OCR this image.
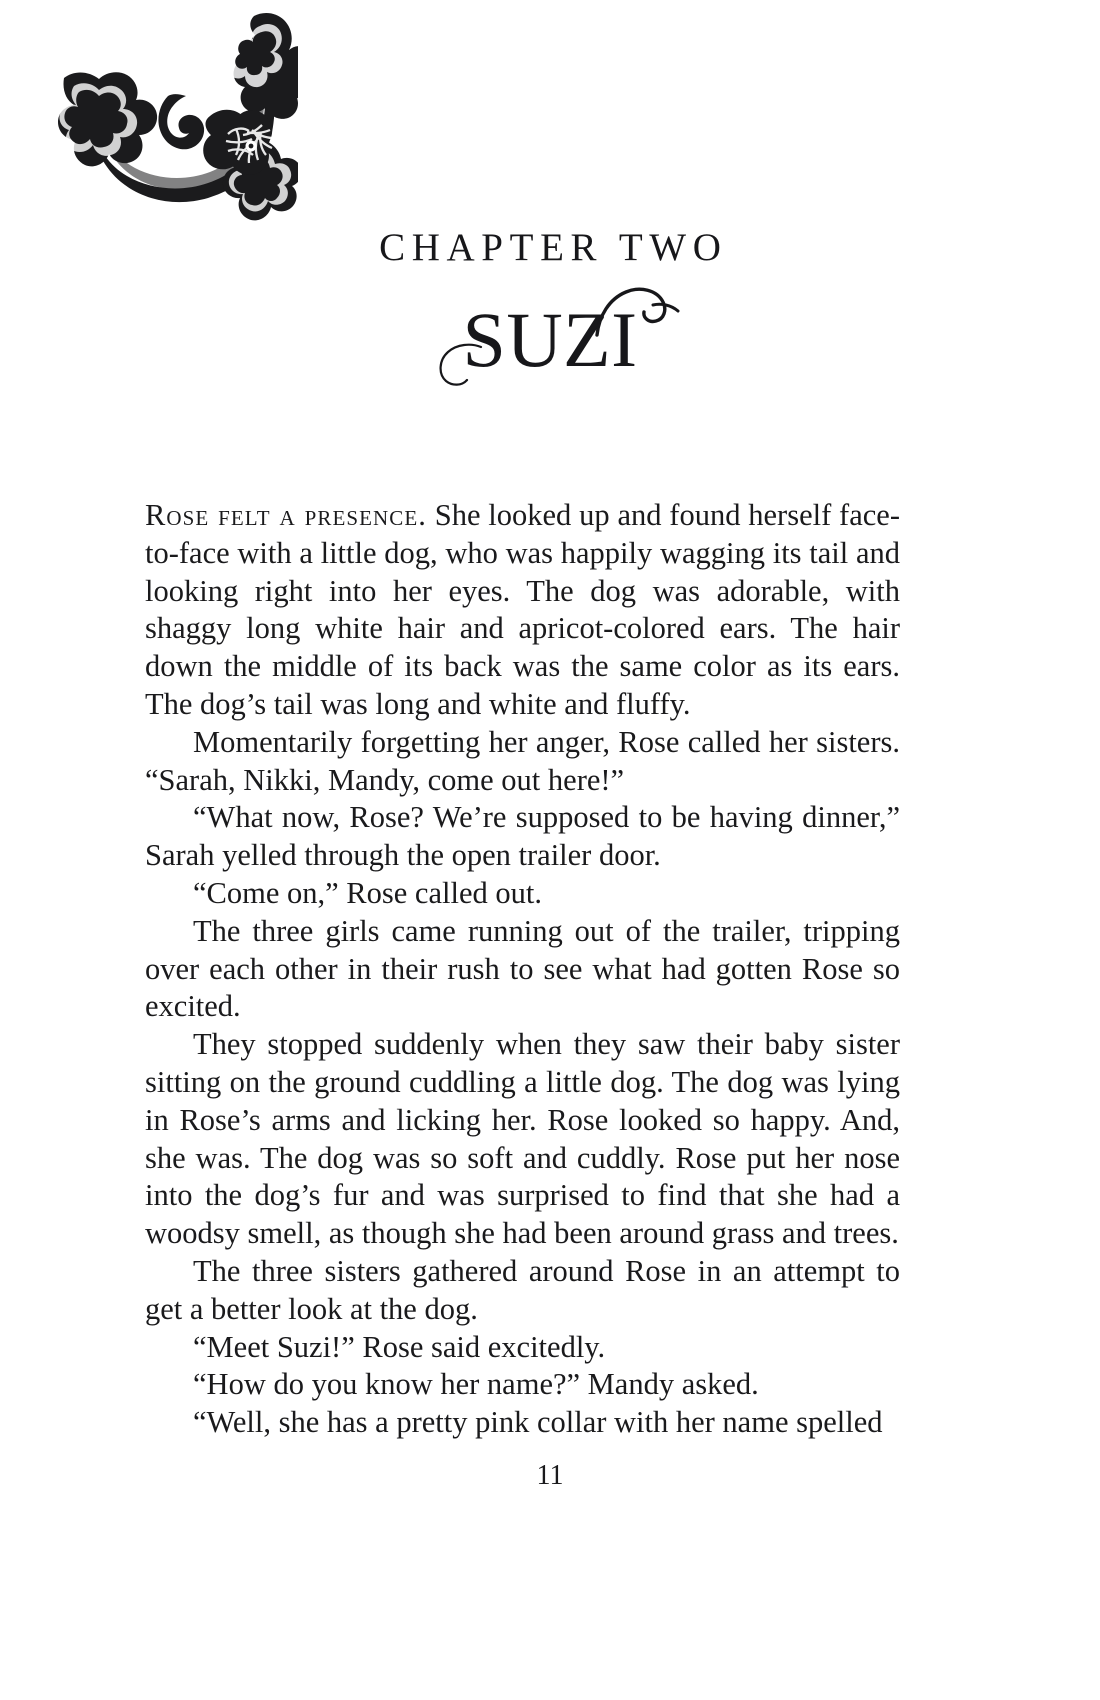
CHAPTER TWO
SUZI

Rose felt a presence. She looked up and found herself face-to-face with a little dog, who was happily wagging its tail and looking right into her eyes. The dog was adorable, with shaggy long white hair and apricot-colored ears. The hair down the middle of its back was the same color as its ears. The dog’s tail was long and white and fluffy.

Momentarily forgetting her anger, Rose called her sisters. “Sarah, Nikki, Mandy, come out here!”

“What now, Rose? We’re supposed to be having dinner,” Sarah yelled through the open trailer door.

“Come on,” Rose called out.

The three girls came running out of the trailer, tripping over each other in their rush to see what had gotten Rose so excited.

They stopped suddenly when they saw their baby sister sitting on the ground cuddling a little dog. The dog was lying in Rose’s arms and licking her. Rose looked so happy. And, she was. The dog was so soft and cuddly. Rose put her nose into the dog’s fur and was surprised to find that she had a woodsy smell, as though she had been around grass and trees.

The three sisters gathered around Rose in an attempt to get a better look at the dog.

“Meet Suzi!” Rose said excitedly.

“How do you know her name?” Mandy asked.

“Well, she has a pretty pink collar with her name spelled

11
